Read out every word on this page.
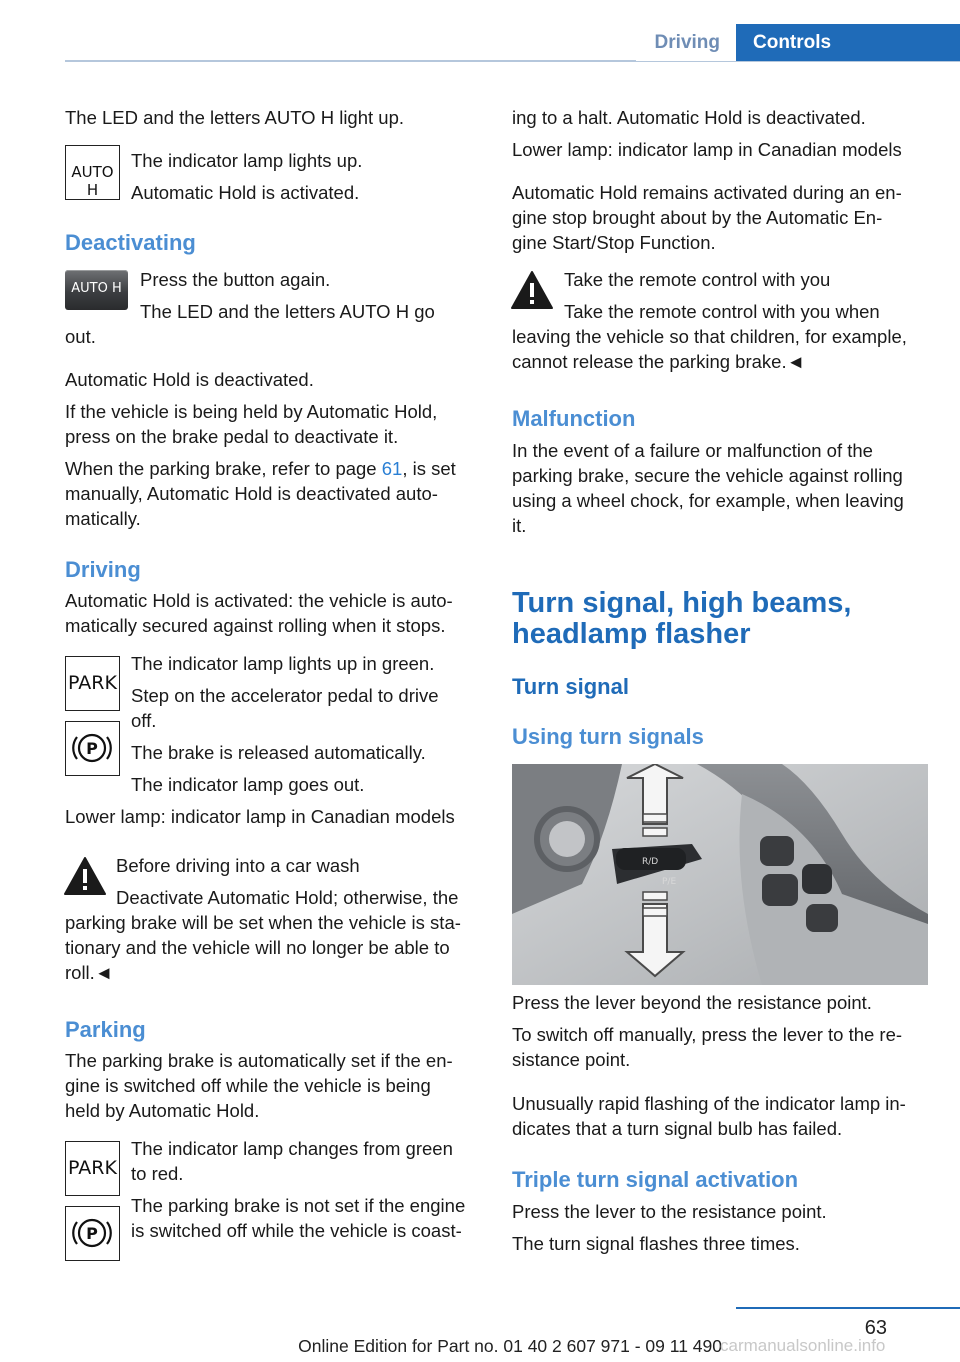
Driving	Controls
The LED and the letters AUTO H light up.
AUTO H
The indicator lamp lights up.
Automatic Hold is activated.
Deactivating
AUTO H Press the button again.
The LED and the letters AUTO H go
out.
Automatic Hold is deactivated.
If the vehicle is being held by Automatic Hold,
press on the brake pedal to deactivate it.
When the parking brake, refer to page 61, is set
manually, Automatic Hold is deactivated auto-
matically.
Driving
Automatic Hold is activated: the vehicle is auto-
matically secured against rolling when it stops.
PARK
P
The indicator lamp lights up in green.
Step on the accelerator pedal to drive
off.
The brake is released automatically.
The indicator lamp goes out.
Lower lamp: indicator lamp in Canadian models
Before driving into a car wash
Deactivate Automatic Hold; otherwise, the
parking brake will be set when the vehicle is sta-
tionary and the vehicle will no longer be able to
roll.◄
Parking
The parking brake is automatically set if the en-
gine is switched off while the vehicle is being
held by Automatic Hold.
PARK
P
The indicator lamp changes from green
to red.
The parking brake is not set if the engine
is switched off while the vehicle is coast-
ing to a halt. Automatic Hold is deactivated.
Lower lamp: indicator lamp in Canadian models
Automatic Hold remains activated during an en-
gine stop brought about by the Automatic En-
gine Start/Stop Function.
Take the remote control with you
Take the remote control with you when
leaving the vehicle so that children, for example,
cannot release the parking brake.◄
Malfunction
In the event of a failure or malfunction of the
parking brake, secure the vehicle against rolling
using a wheel chock, for example, when leaving
it.
Turn signal, high beams,
headlamp flasher
Turn signal
Using turn signals
R/D
P/E
Press the lever beyond the resistance point.
To switch off manually, press the lever to the re-
sistance point.
Unusually rapid flashing of the indicator lamp in-
dicates that a turn signal bulb has failed.
Triple turn signal activation
Press the lever to the resistance point.
The turn signal flashes three times.
63
Online Edition for Part no. 01 40 2 607 971 - 09 11 490
carmanualsonline.info
